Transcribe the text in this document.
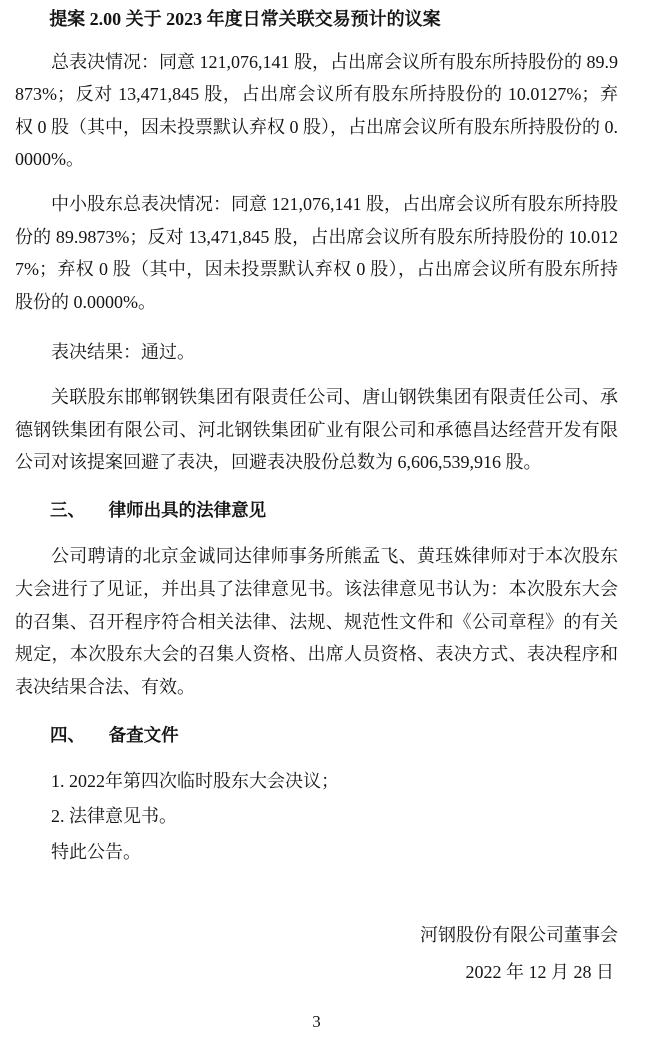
提案 2.00 关于 2023 年度日常关联交易预计的议案

总表决情况：同意 121,076,141 股，占出席会议所有股东所持股份的 89.9873%；反对 13,471,845 股，占出席会议所有股东所持股份的 10.0127%；弃权 0 股（其中，因未投票默认弃权 0 股），占出席会议所有股东所持股份的 0.0000%。

中小股东总表决情况：同意 121,076,141 股，占出席会议所有股东所持股份的 89.9873%；反对 13,471,845 股，占出席会议所有股东所持股份的 10.0127%；弃权 0 股（其中，因未投票默认弃权 0 股），占出席会议所有股东所持股份的 0.0000%。

表决结果：通过。

关联股东邯郸钢铁集团有限责任公司、唐山钢铁集团有限责任公司、承德钢铁集团有限公司、河北钢铁集团矿业有限公司和承德昌达经营开发有限公司对该提案回避了表决，回避表决股份总数为 6,606,539,916 股。

三、 律师出具的法律意见

公司聘请的北京金诚同达律师事务所熊孟飞、黄珏姝律师对于本次股东大会进行了见证，并出具了法律意见书。该法律意见书认为：本次股东大会的召集、召开程序符合相关法律、法规、规范性文件和《公司章程》的有关规定，本次股东大会的召集人资格、出席人员资格、表决方式、表决程序和表决结果合法、有效。

四、 备查文件

1. 2022年第四次临时股东大会决议；

2. 法律意见书。

特此公告。

河钢股份有限公司董事会

2022 年 12 月 28 日

3
